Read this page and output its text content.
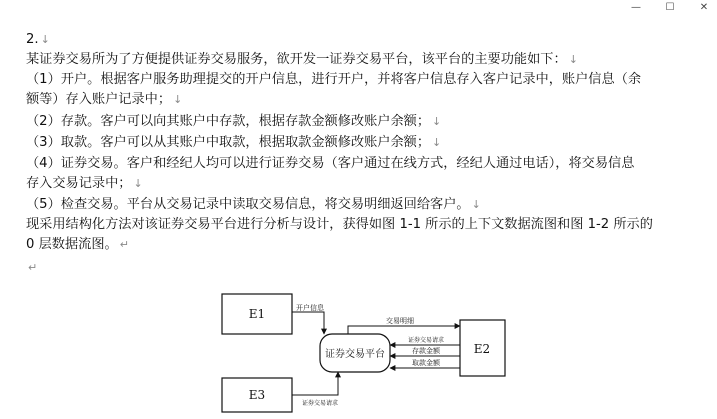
— ☐	✕
2. ↓
某证券交易所为了方便提供证券交易服务，欲开发一证券交易平台，该平台的主要功能如下： ↓
（1）开户。根据客户服务助理提交的开户信息，进行开户，并将客户信息存入客户记录中，账户信息（余
额等）存入账户记录中； ↓
（2）存款。客户可以向其账户中存款，根据存款金额修改账户余额； ↓
（3）取款。客户可以从其账户中取款，根据取款金额修改账户余额； ↓
（4）证券交易。客户和经纪人均可以进行证券交易（客户通过在线方式，经纪人通过电话），将交易信息
存入交易记录中； ↓
（5）检查交易。平台从交易记录中读取交易信息，将交易明细返回给客户。 ↓
现采用结构化方法对该证券交易平台进行分析与设计，获得如图 1-1 所示的上下文数据流图和图 1-2 所示的
0 层数据流图。 ↵
↵
E1
E2
E3
证券交易平台
开户信息
交易明细
证券交易请求
存款金额
取款金额
证券交易请求
